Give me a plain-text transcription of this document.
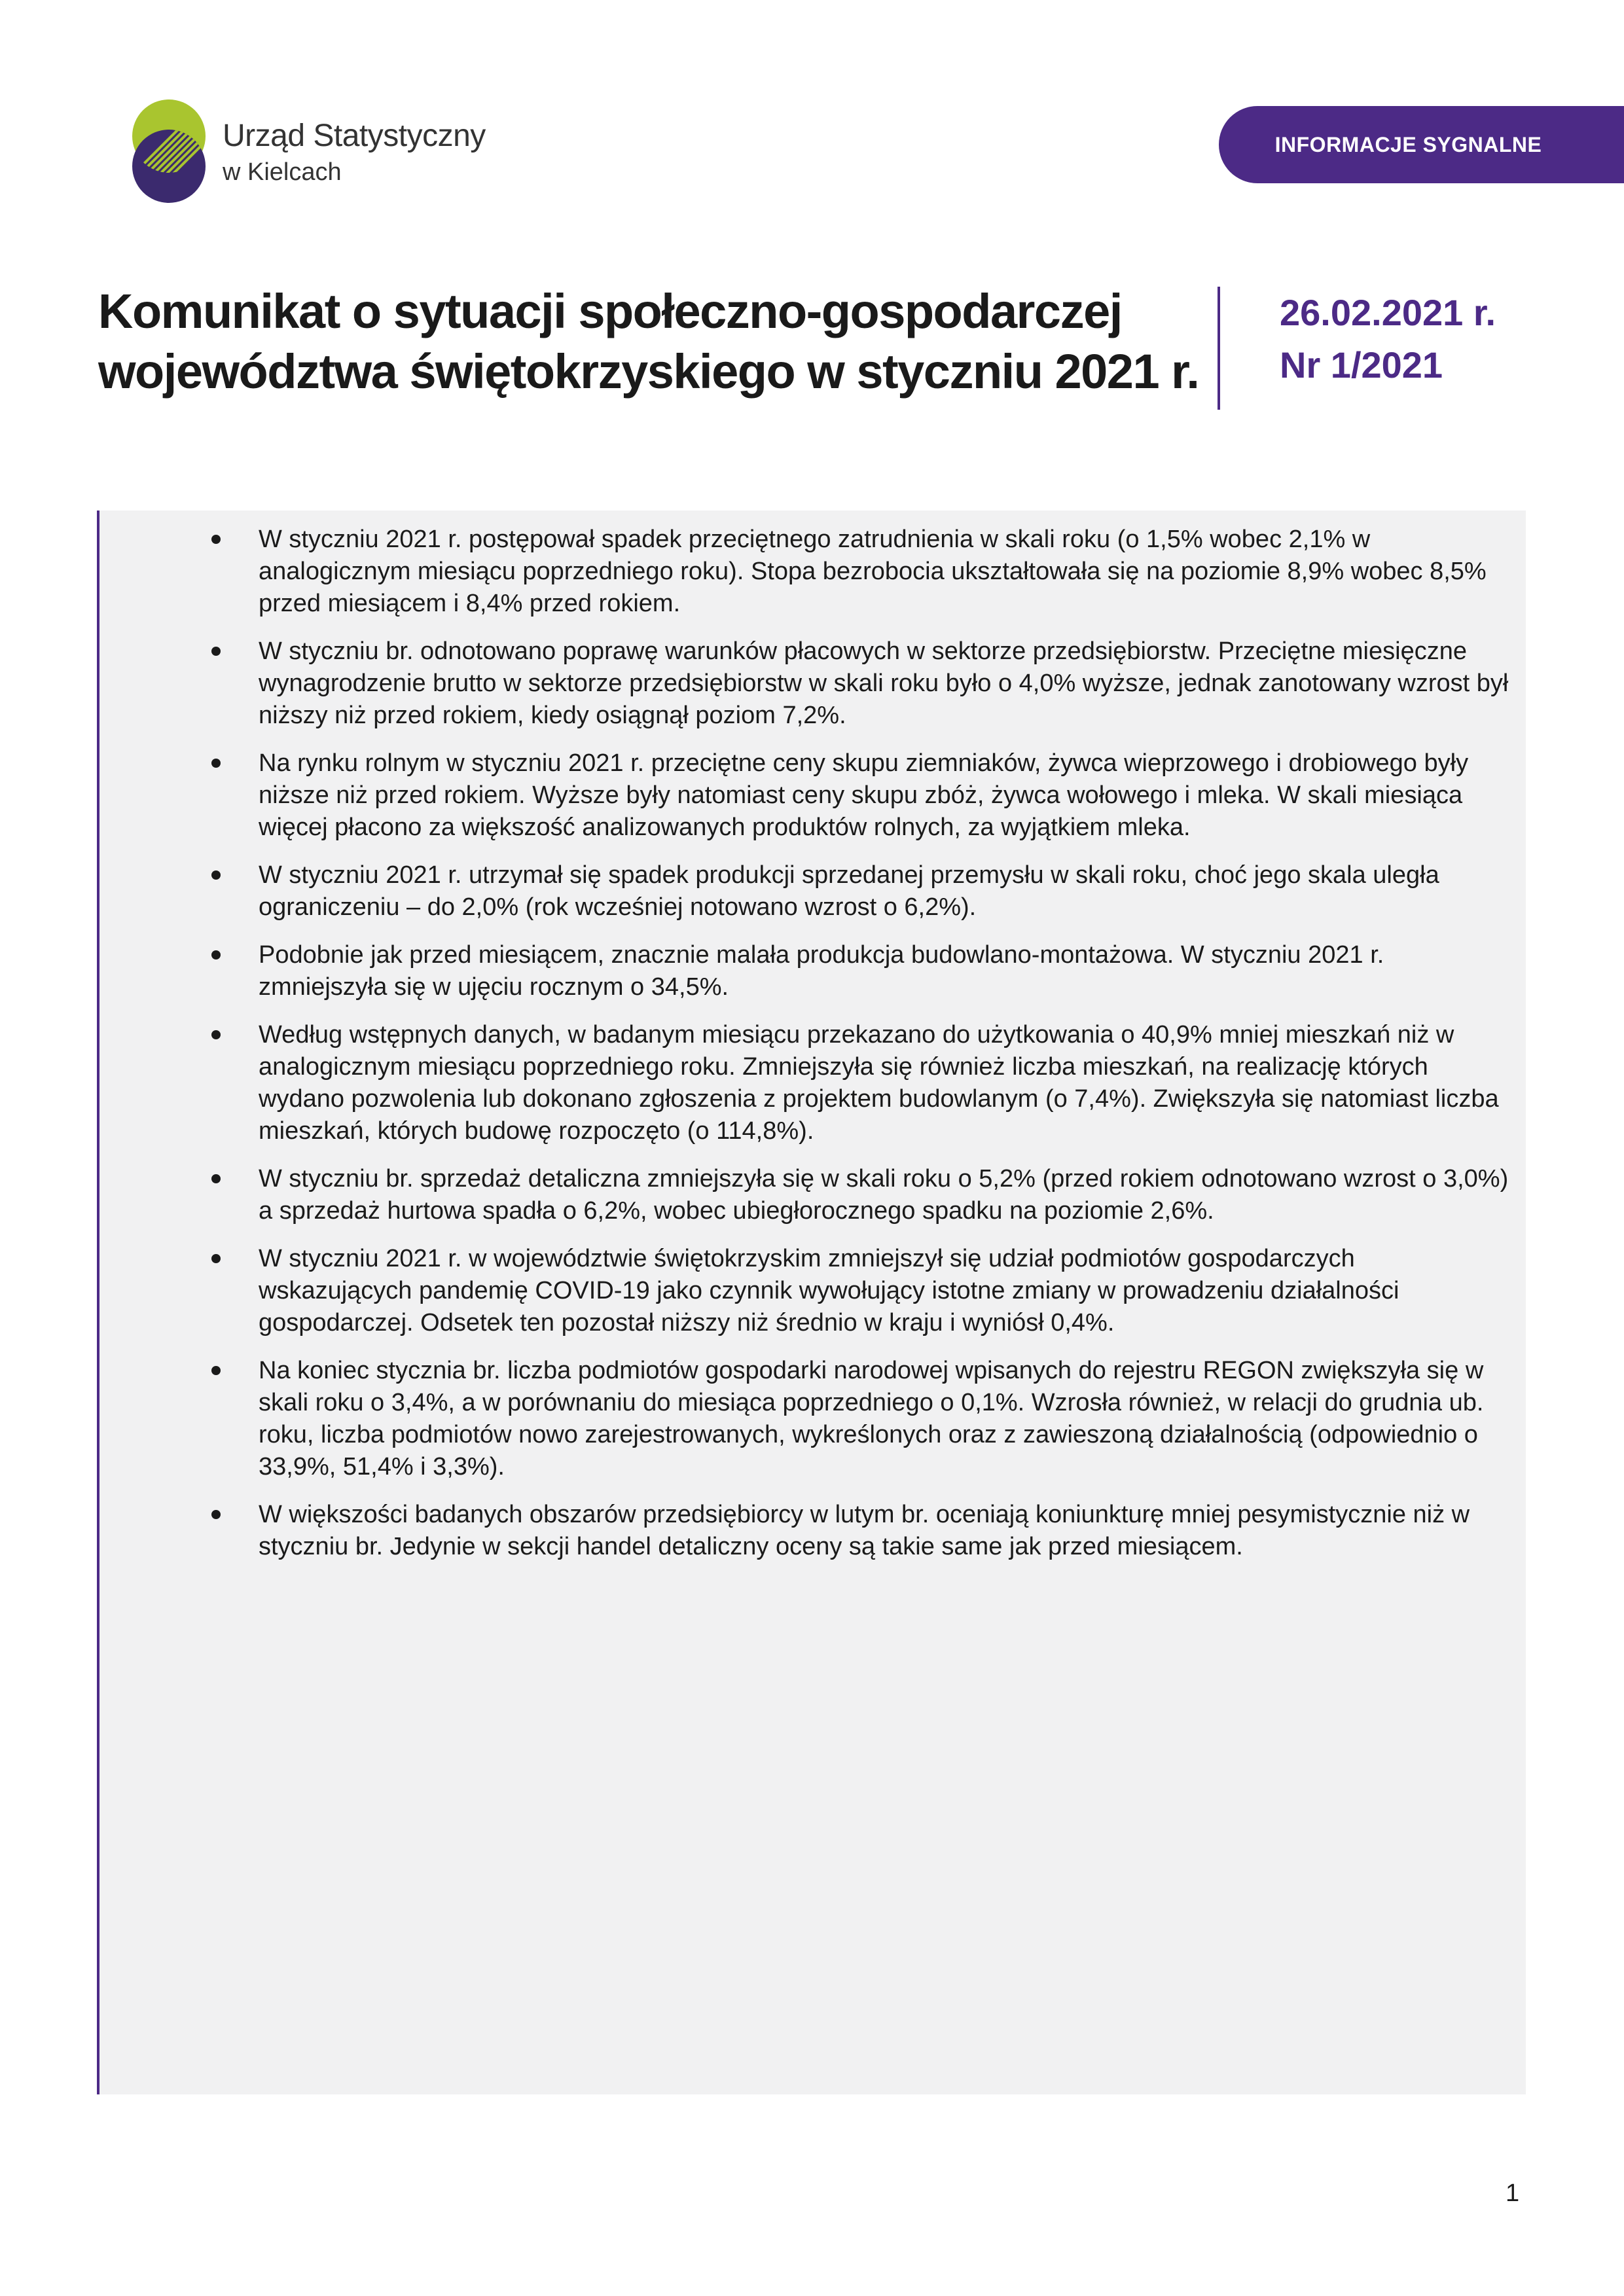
Urząd Statystyczny
w Kielcach
INFORMACJE SYGNALNE
Komunikat o sytuacji społeczno-gospodarczej
województwa świętokrzyskiego w styczniu 2021 r.
26.02.2021 r.
Nr 1/2021
W styczniu 2021 r. postępował spadek przeciętnego zatrudnienia w skali roku (o 1,5% wobec 2,1% w analogicznym miesiącu poprzedniego roku). Stopa bezrobocia ukształtowała się na poziomie 8,9% wobec 8,5% przed miesiącem i 8,4% przed rokiem.
W styczniu br. odnotowano poprawę warunków płacowych w sektorze przedsiębiorstw. Przeciętne miesięczne wynagrodzenie brutto w sektorze przedsiębiorstw w skali roku było o 4,0% wyższe, jednak zanotowany wzrost był niższy niż przed rokiem, kiedy osiągnął poziom 7,2%.
Na rynku rolnym w styczniu 2021 r. przeciętne ceny skupu ziemniaków, żywca wieprzowego i drobiowego były niższe niż przed rokiem. Wyższe były natomiast ceny skupu zbóż, żywca wołowego i mleka. W skali miesiąca więcej płacono za większość analizowanych produktów rolnych, za wyjątkiem mleka.
W styczniu 2021 r. utrzymał się spadek produkcji sprzedanej przemysłu w skali roku, choć jego skala uległa ograniczeniu – do 2,0% (rok wcześniej notowano wzrost o 6,2%).
Podobnie jak przed miesiącem, znacznie malała produkcja budowlano-montażowa. W styczniu 2021 r. zmniejszyła się w ujęciu rocznym o 34,5%.
Według wstępnych danych, w badanym miesiącu przekazano do użytkowania o 40,9% mniej mieszkań niż w analogicznym miesiącu poprzedniego roku. Zmniejszyła się również liczba mieszkań, na realizację których wydano pozwolenia lub dokonano zgłoszenia z projektem budowlanym (o 7,4%). Zwiększyła się natomiast liczba mieszkań, których budowę rozpoczęto (o 114,8%).
W styczniu br. sprzedaż detaliczna zmniejszyła się w skali roku o 5,2% (przed rokiem odnotowano wzrost o 3,0%) a sprzedaż hurtowa spadła o 6,2%, wobec ubiegłorocznego spadku na poziomie 2,6%.
W styczniu 2021 r. w województwie świętokrzyskim zmniejszył się udział podmiotów gospodarczych wskazujących pandemię COVID-19 jako czynnik wywołujący istotne zmiany w prowadzeniu działalności gospodarczej. Odsetek ten pozostał niższy niż średnio w kraju i wyniósł 0,4%.
Na koniec stycznia br. liczba podmiotów gospodarki narodowej wpisanych do rejestru REGON zwiększyła się w skali roku o 3,4%, a w porównaniu do miesiąca poprzedniego o 0,1%. Wzrosła również, w relacji do grudnia ub. roku, liczba podmiotów nowo zarejestrowanych, wykreślonych oraz z zawieszoną działalnością (odpowiednio o 33,9%, 51,4% i 3,3%).
W większości badanych obszarów przedsiębiorcy w lutym br. oceniają koniunkturę mniej pesymistycznie niż w styczniu br. Jedynie w sekcji handel detaliczny oceny są takie same jak przed miesiącem.
1
